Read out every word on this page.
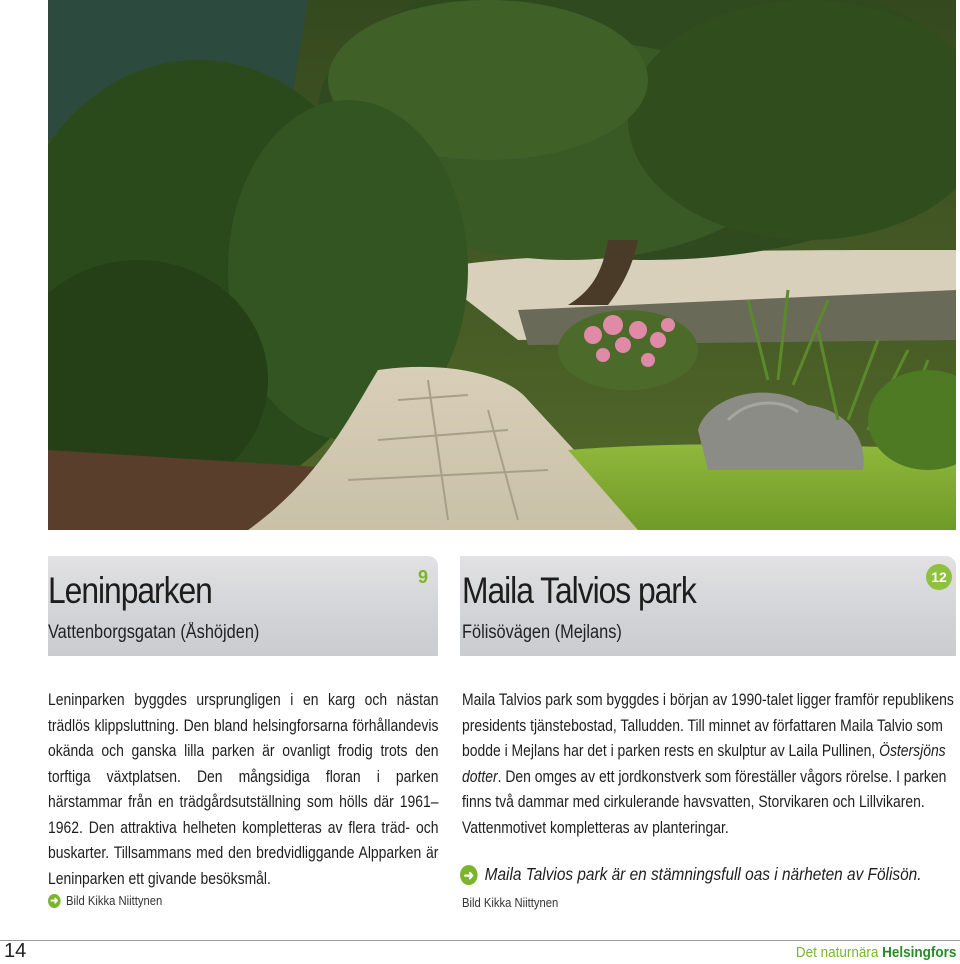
Leninparken
Vattenborgsgatan (Åshöjden)
9 Maila Talvios park
Fölisövägen (Mejlans)
12

Leninparken byggdes ursprungligen i en karg och nästan trädlös klippsluttning. Den bland helsingforsarna förhållandevis okända och ganska lilla parken är ovanligt frodig trots den torftiga växtplatsen. Den mångsidiga floran i parken härstammar från en trädgårdsutställning som hölls där 1961–1962. Den attraktiva helheten kompletteras av flera träd- och buskarter. Tillsammans med den bredvidliggande Alpparken är Leninparken ett givande besöksmål.

➜ Bild Kikka Niittynen

Maila Talvios park som byggdes i början av 1990-talet ligger framför republikens presidents tjänstebostad, Talludden. Till minnet av författaren Maila Talvio som bodde i Mejlans har det i parken rests en skulptur av Laila Pullinen, Östersjöns dotter. Den omges av ett jordkonstverk som föreställer vågors rörelse. I parken finns två dammar med cirkulerande havsvatten, Storvikaren och Lillvikaren. Vattenmotivet kompletteras av planteringar.

➜ Maila Talvios park är en stämningsfull oas i närheten av Fölisön.
Bild Kikka Niittynen
14	Det naturnära Helsingfors
